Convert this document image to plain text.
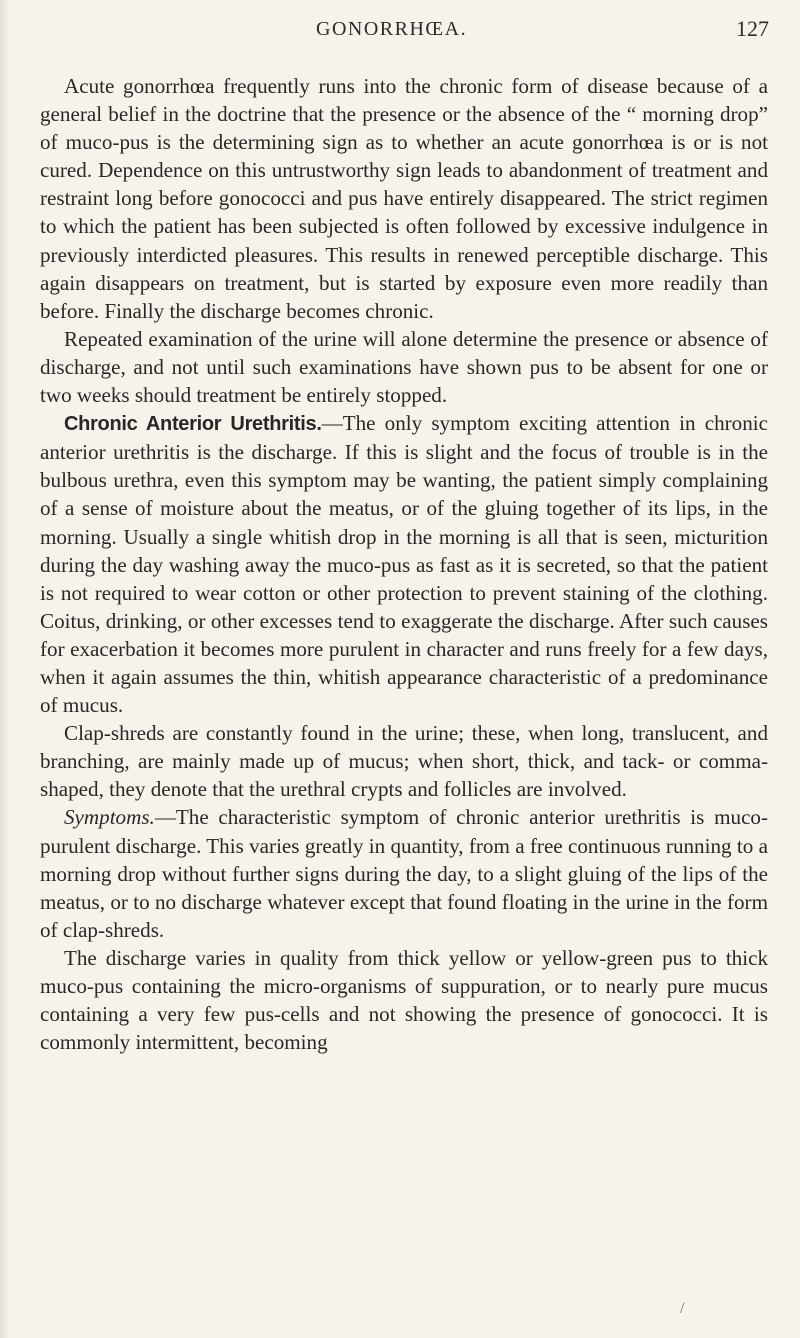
GONORRHŒA.	127

Acute gonorrhœa frequently runs into the chronic form of disease because of a general belief in the doctrine that the presence or the absence of the “ morning drop” of muco-pus is the determining sign as to whether an acute gonorrhœa is or is not cured. Dependence on this untrustworthy sign leads to abandonment of treatment and restraint long before gonococci and pus have entirely disappeared. The strict regimen to which the patient has been subjected is often followed by excessive indulgence in previously interdicted pleasures. This results in renewed perceptible discharge. This again disappears on treatment, but is started by exposure even more readily than before. Finally the discharge becomes chronic.

Repeated examination of the urine will alone determine the presence or absence of discharge, and not until such examinations have shown pus to be absent for one or two weeks should treatment be entirely stopped.

Chronic Anterior Urethritis.—The only symptom exciting attention in chronic anterior urethritis is the discharge. If this is slight and the focus of trouble is in the bulbous urethra, even this symptom may be wanting, the patient simply complaining of a sense of moisture about the meatus, or of the gluing together of its lips, in the morning. Usually a single whitish drop in the morning is all that is seen, micturition during the day washing away the muco-pus as fast as it is secreted, so that the patient is not required to wear cotton or other protection to prevent staining of the clothing. Coitus, drinking, or other excesses tend to exaggerate the discharge. After such causes for exacerbation it becomes more purulent in character and runs freely for a few days, when it again assumes the thin, whitish appearance characteristic of a predominance of mucus.

Clap-shreds are constantly found in the urine; these, when long, translucent, and branching, are mainly made up of mucus; when short, thick, and tack- or comma-shaped, they denote that the urethral crypts and follicles are involved.

Symptoms.—The characteristic symptom of chronic anterior urethritis is muco-purulent discharge. This varies greatly in quantity, from a free continuous running to a morning drop without further signs during the day, to a slight gluing of the lips of the meatus, or to no discharge whatever except that found floating in the urine in the form of clap-shreds.

The discharge varies in quality from thick yellow or yellow-green pus to thick muco-pus containing the micro-organisms of suppuration, or to nearly pure mucus containing a very few pus-cells and not showing the presence of gonococci. It is commonly intermittent, becoming

/
